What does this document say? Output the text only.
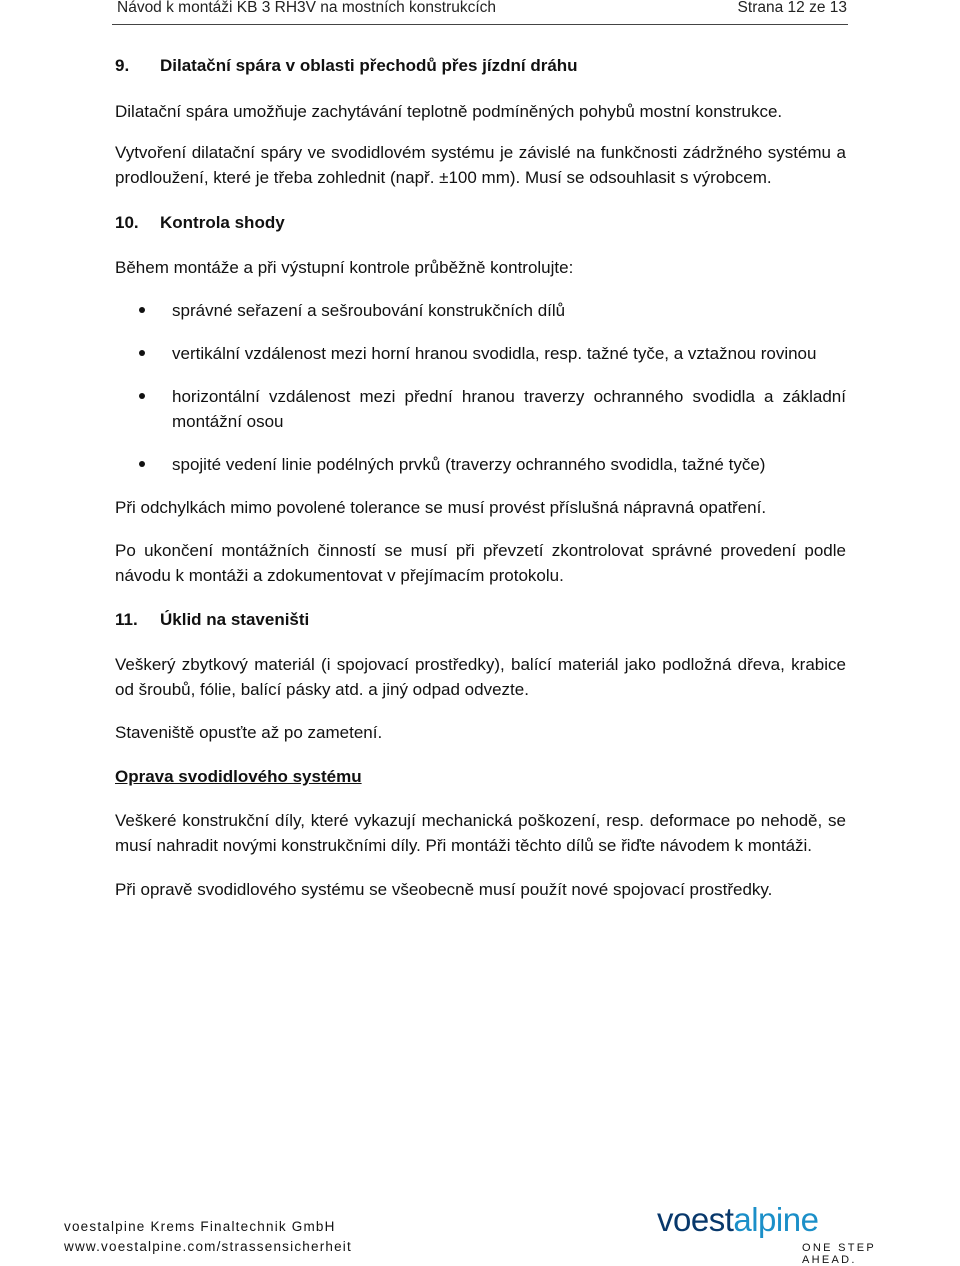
Návod k montáži KB 3 RH3V na mostních konstrukcích	Strana 12 ze 13
9. Dilatační spára v oblasti přechodů přes jízdní dráhu

Dilatační spára umožňuje zachytávání teplotně podmíněných pohybů mostní konstrukce.

Vytvoření dilatační spáry ve svodidlovém systému je závislé na funkčnosti zádržného systému a prodloužení, které je třeba zohlednit (např. ±100 mm). Musí se odsouhlasit s výrobcem.

10. Kontrola shody

Během montáže a při výstupní kontrole průběžně kontrolujte:

správné seřazení a sešroubování konstrukčních dílů
vertikální vzdálenost mezi horní hranou svodidla, resp. tažné tyče, a vztažnou rovinou
horizontální vzdálenost mezi přední hranou traverzy ochranného svodidla a základní montážní osou
spojité vedení linie podélných prvků (traverzy ochranného svodidla, tažné tyče)

Při odchylkách mimo povolené tolerance se musí provést příslušná nápravná opatření.

Po ukončení montážních činností se musí při převzetí zkontrolovat správné provedení podle návodu k montáži a zdokumentovat v přejímacím protokolu.

11. Úklid na staveništi

Veškerý zbytkový materiál (i spojovací prostředky), balící materiál jako podložná dřeva, krabice od šroubů, fólie, balící pásky atd. a jiný odpad odvezte.

Staveniště opusťte až po zametení.

Oprava svodidlového systému

Veškeré konstrukční díly, které vykazují mechanická poškození, resp. deformace po nehodě, se musí nahradit novými konstrukčními díly. Při montáži těchto dílů se řiďte návodem k montáži.

Při opravě svodidlového systému se všeobecně musí použít nové spojovací prostředky.

voestalpine Krems Finaltechnik GmbH
www.voestalpine.com/strassensicherheit
voestalpine
ONE STEP AHEAD.
